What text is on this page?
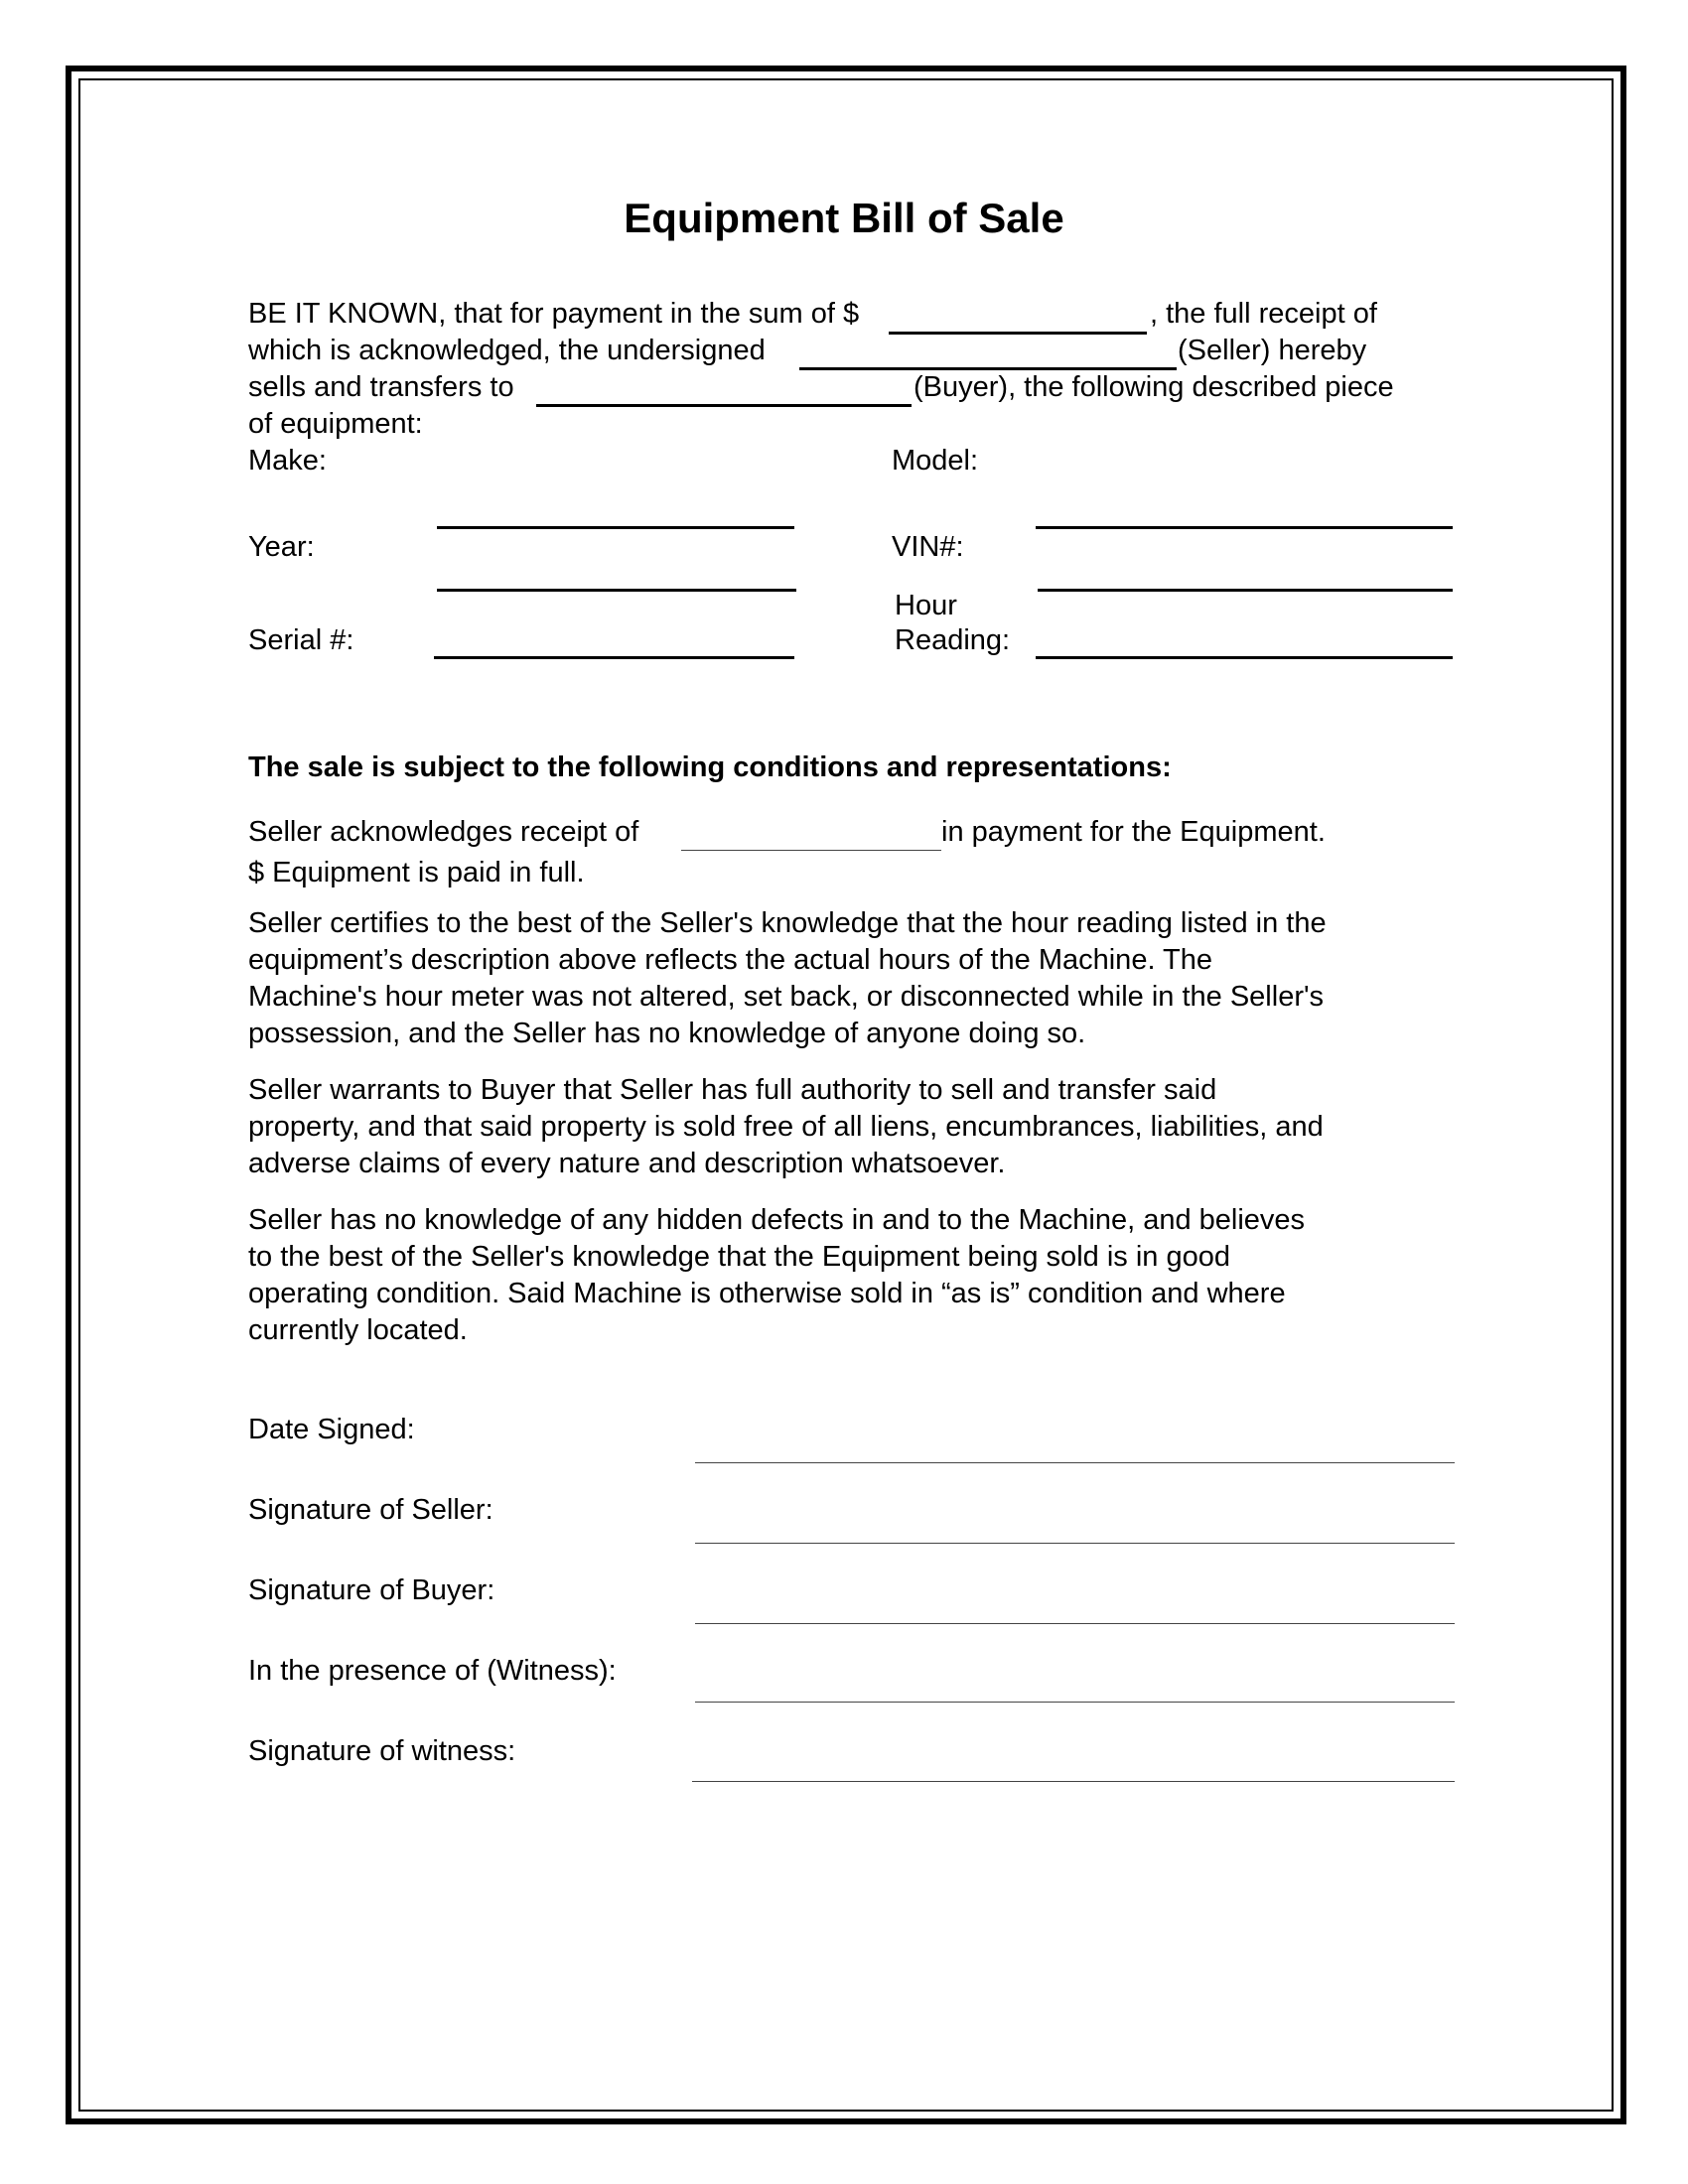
Equipment Bill of Sale
BE IT KNOWN, that for payment in the sum of $	, the full receipt of
which is acknowledged, the undersigned	(Seller) hereby
sells and transfers to	(Buyer), the following described piece
of equipment:
Make:	Model:
Year:	VIN#:
Hour
Serial #:	Reading:
The sale is subject to the following conditions and representations:
Seller acknowledges receipt of	in payment for the Equipment.
$ Equipment is paid in full.
Seller certifies to the best of the Seller's knowledge that the hour reading listed in the
equipment’s description above reflects the actual hours of the Machine. The
Machine's hour meter was not altered, set back, or disconnected while in the Seller's
possession, and the Seller has no knowledge of anyone doing so.
Seller warrants to Buyer that Seller has full authority to sell and transfer said
property, and that said property is sold free of all liens, encumbrances, liabilities, and
adverse claims of every nature and description whatsoever.
Seller has no knowledge of any hidden defects in and to the Machine, and believes
to the best of the Seller's knowledge that the Equipment being sold is in good
operating condition. Said Machine is otherwise sold in “as is” condition and where
currently located.
Date Signed:
Signature of Seller:
Signature of Buyer:
In the presence of (Witness):
Signature of witness:
